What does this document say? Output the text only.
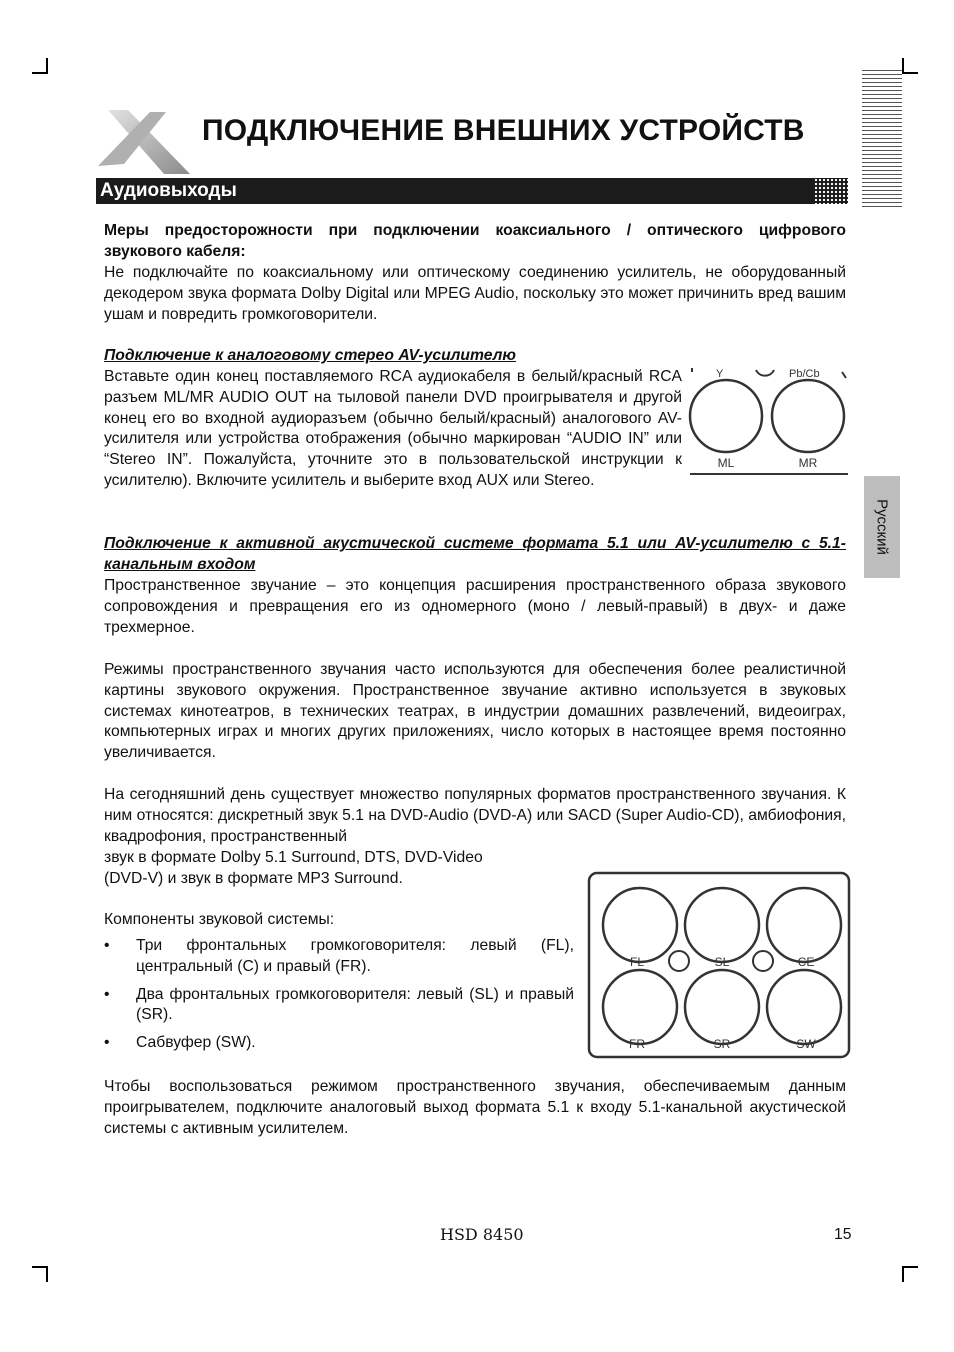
ПОДКЛЮЧЕНИЕ ВНЕШНИХ УСТРОЙСТВ
Аудиовыходы

Меры предосторожности при подключении коаксиального / оптического цифрового звукового кабеля:

Не подключайте по коаксиальному или оптическому соединению усилитель, не оборудованный декодером звука формата Dolby Digital или MPEG Audio, поскольку это может причинить вред вашим ушам и повредить громкоговорители.

Подключение к аналоговому стерео AV-усилителю

Вставьте один конец поставляемого RCA аудиокабеля в белый/красный RCA разъем ML/MR AUDIO OUT на тыловой панели DVD проигрывателя и другой конец его во входной аудиоразъем (обычно белый/красный) аналогового AV-усилителя или устройства отображения (обычно маркирован “AUDIO IN” или “Stereo IN”. Пожалуйста, уточните это в пользовательской инструкции к усилителю). Включите усилитель и выберите вход AUX или Stereo.

Y	Pb/Cb
ML	MR

Подключение к активной акустической системе формата 5.1 или AV-усилителю с 5.1-канальным входом

Пространственное звучание – это концепция расширения пространственного образа звукового сопровождения и превращения его из одномерного (моно / левый-правый) в двух- и даже трехмерное.

Режимы пространственного звучания часто используются для обеспечения более реалистичной картины звукового окружения. Пространственное звучание активно используется в звуковых системах кинотеатров, в технических театрах, в индустрии домашних развлечений, видеоиграх, компьютерных играх и многих других приложениях, число которых в настоящее время постоянно увеличивается.

На сегодняшний день существует множество популярных форматов пространственного звучания. К ним относятся: дискретный звук 5.1 на DVD-Audio (DVD-A) или SACD (Super Audio-CD), амбиофония, квадрофония, пространственный

звук в формате Dolby 5.1 Surround, DTS, DVD-Video

(DVD-V) и звук в формате MP3 Surround.

Компоненты звуковой системы:

• Три фронтальных громкоговорителя: левый (FL), центральный (C) и правый (FR).
• Два фронтальных громкоговорителя: левый (SL) и правый (SR).
• Сабвуфер (SW).
FL	SL	CE
FR	SR	SW

Чтобы воспользоваться режимом пространственного звучания, обеспечиваемым данным проигрывателем, подключите аналоговый выход формата 5.1 к входу 5.1-канальной акустической системы с активным усилителем.

Русский
HSD 8450	15
